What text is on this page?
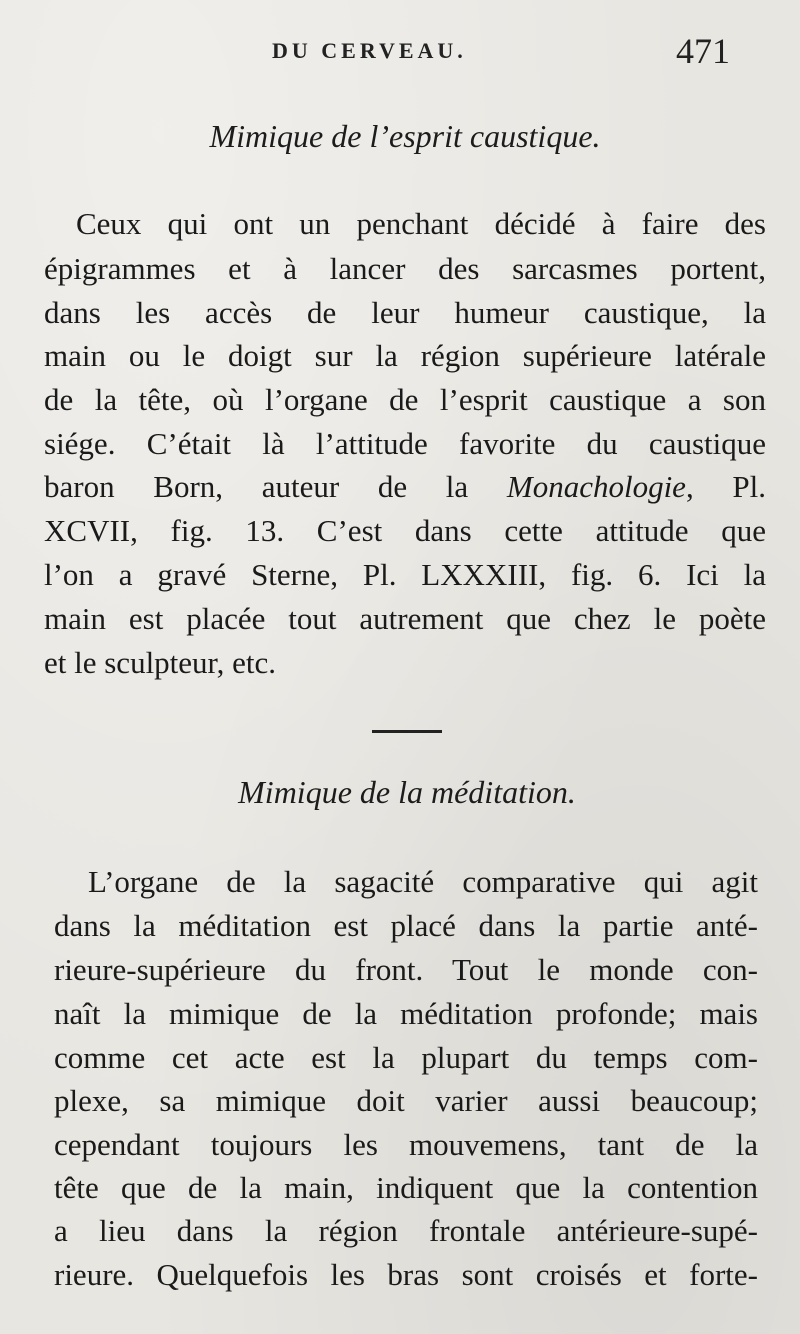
DU CERVEAU.	471
Mimique de l’esprit caustique.
Ceux qui ont un penchant décidé à faire des
épigrammes et à lancer des sarcasmes portent,
dans les accès de leur humeur caustique, la
main ou le doigt sur la région supérieure latérale
de la tête, où l’organe de l’esprit caustique a son
siége. C’était là l’attitude favorite du caustique
baron Born, auteur de la Monachologie, Pl.
XCVII, fig. 13. C’est dans cette attitude que
l’on a gravé Sterne, Pl. LXXXIII, fig. 6. Ici la
main est placée tout autrement que chez le poète
et le sculpteur, etc.
Mimique de la méditation.
L’organe de la sagacité comparative qui agit
dans la méditation est placé dans la partie anté-
rieure-supérieure du front. Tout le monde con-
naît la mimique de la méditation profonde; mais
comme cet acte est la plupart du temps com-
plexe, sa mimique doit varier aussi beaucoup;
cependant toujours les mouvemens, tant de la
tête que de la main, indiquent que la contention
a lieu dans la région frontale antérieure-supé-
rieure. Quelquefois les bras sont croisés et forte-
